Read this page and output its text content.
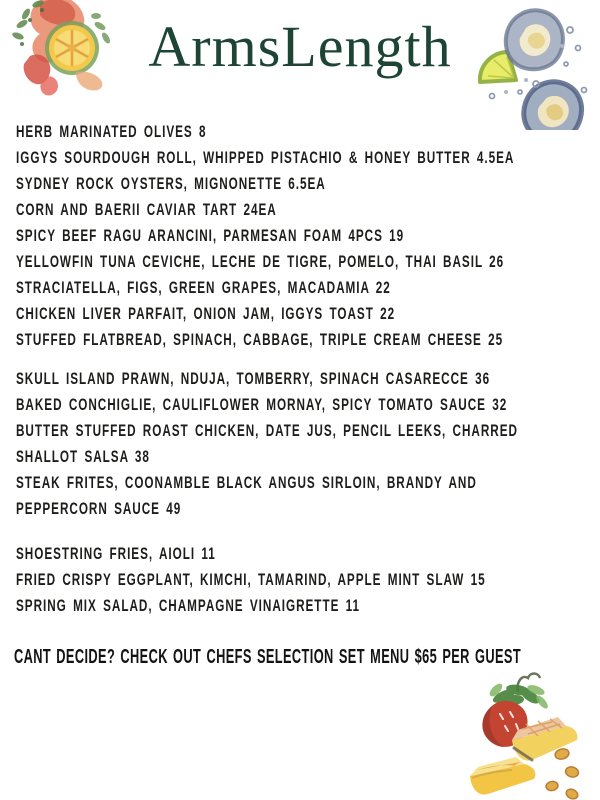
ArmsLength
HERB MARINATED OLIVES 8
IGGYS SOURDOUGH ROLL, WHIPPED PISTACHIO & HONEY BUTTER 4.5EA
SYDNEY ROCK OYSTERS, MIGNONETTE 6.5EA
CORN AND BAERII CAVIAR TART 24EA
SPICY BEEF RAGU ARANCINI, PARMESAN FOAM 4PCS 19
YELLOWFIN TUNA CEVICHE, LECHE DE TIGRE, POMELO, THAI BASIL 26
STRACIATELLA, FIGS, GREEN GRAPES, MACADAMIA 22
CHICKEN LIVER PARFAIT, ONION JAM, IGGYS TOAST 22
STUFFED FLATBREAD, SPINACH, CABBAGE, TRIPLE CREAM CHEESE 25
SKULL ISLAND PRAWN, NDUJA, TOMBERRY, SPINACH CASARECCE 36
BAKED CONCHIGLIE, CAULIFLOWER MORNAY, SPICY TOMATO SAUCE 32
BUTTER STUFFED ROAST CHICKEN, DATE JUS, PENCIL LEEKS, CHARRED
SHALLOT SALSA 38
STEAK FRITES, COONAMBLE BLACK ANGUS SIRLOIN, BRANDY AND
PEPPERCORN SAUCE 49
SHOESTRING FRIES, AIOLI 11
FRIED CRISPY EGGPLANT, KIMCHI, TAMARIND, APPLE MINT SLAW 15
SPRING MIX SALAD, CHAMPAGNE VINAIGRETTE 11
CANT DECIDE? CHECK OUT CHEFS SELECTION SET MENU $65 PER GUEST
